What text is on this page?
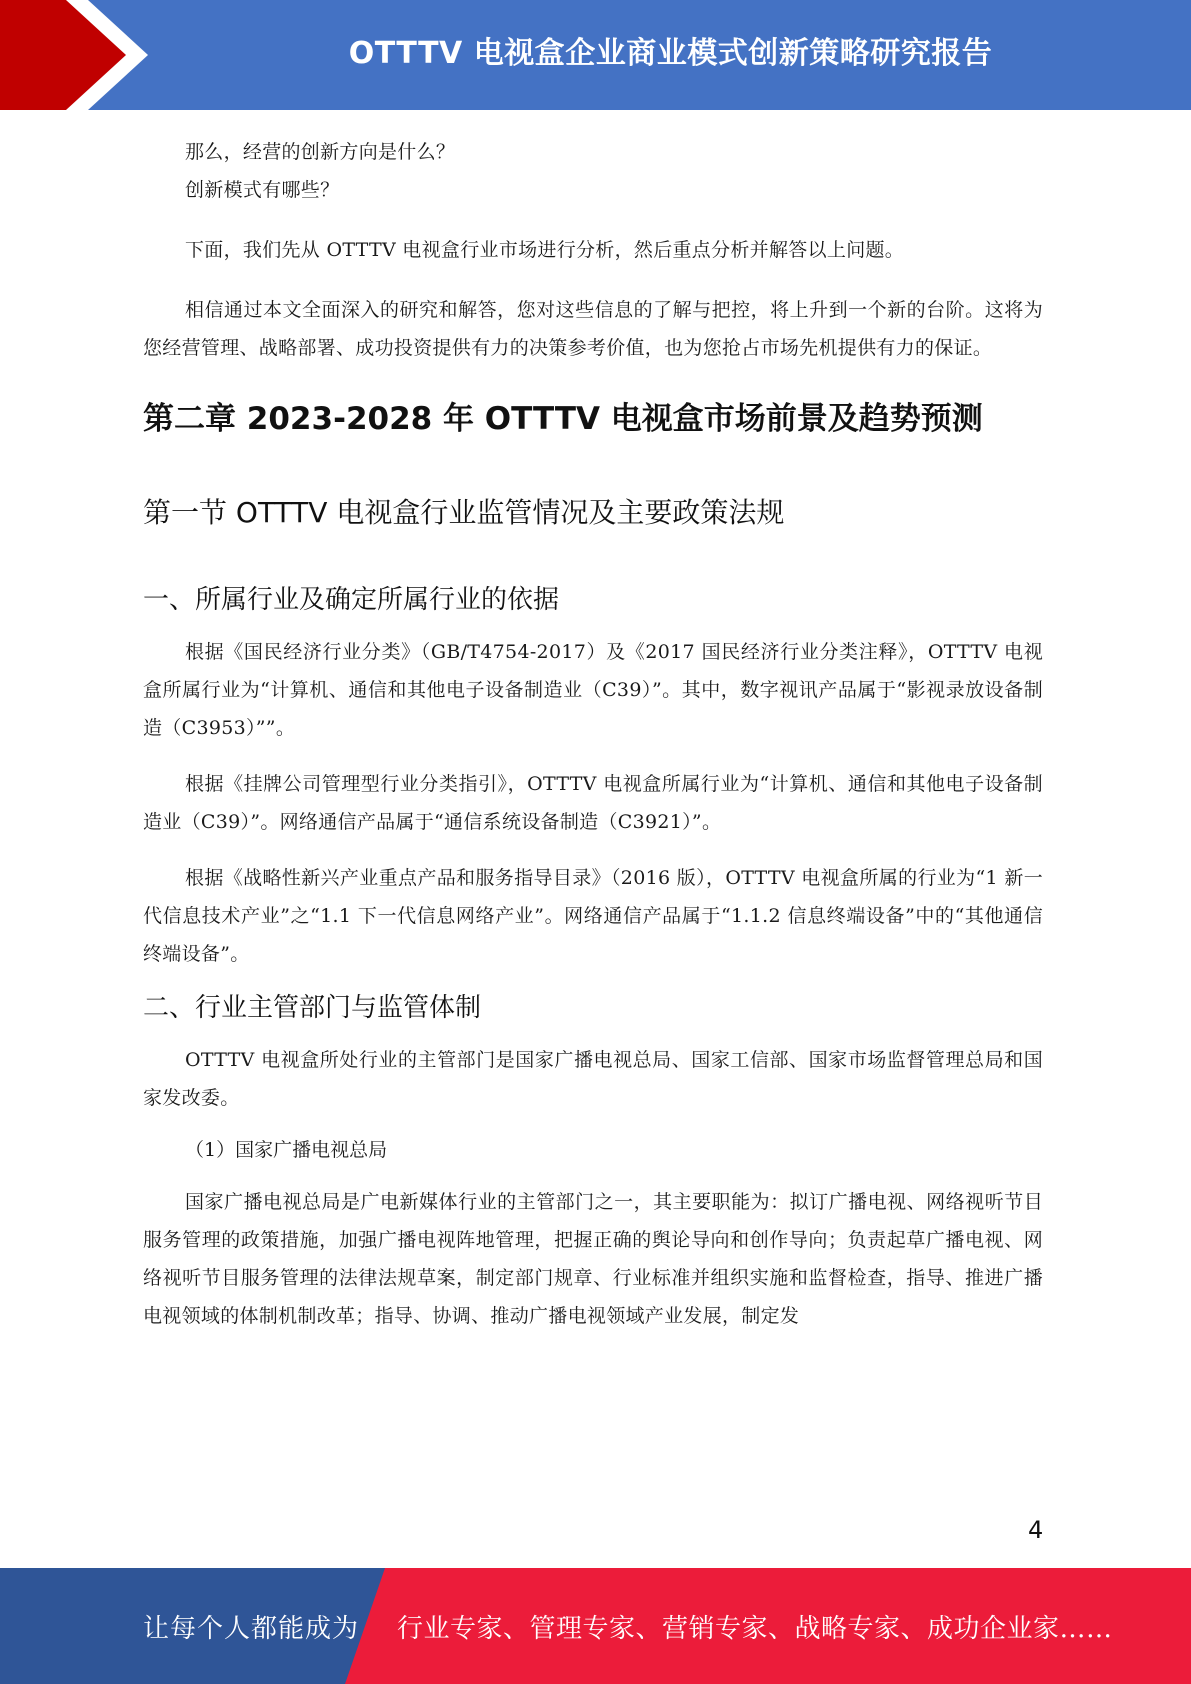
OTTTV 电视盒企业商业模式创新策略研究报告

那么，经营的创新方向是什么？

创新模式有哪些？

下面，我们先从 OTTTV 电视盒行业市场进行分析，然后重点分析并解答以上问题。

相信通过本文全面深入的研究和解答，您对这些信息的了解与把控，将上升到一个新的台阶。这将为您经营管理、战略部署、成功投资提供有力的决策参考价值，也为您抢占市场先机提供有力的保证。

第二章 2023-2028 年 OTTTV 电视盒市场前景及趋势预测
第一节 OTTTV 电视盒行业监管情况及主要政策法规
一、所属行业及确定所属行业的依据

根据《国民经济行业分类》（GB/T4754-2017）及《2017 国民经济行业分类注释》，OTTTV 电视盒所属行业为“计算机、通信和其他电子设备制造业（C39）”。其中，数字视讯产品属于“影视录放设备制造（C3953）””。

根据《挂牌公司管理型行业分类指引》，OTTTV 电视盒所属行业为“计算机、通信和其他电子设备制造业（C39）”。网络通信产品属于“通信系统设备制造（C3921）”。

根据《战略性新兴产业重点产品和服务指导目录》（2016 版），OTTTV 电视盒所属的行业为“1 新一代信息技术产业”之“1.1 下一代信息网络产业”。网络通信产品属于“1.1.2 信息终端设备”中的“其他通信终端设备”。

二、行业主管部门与监管体制

OTTTV 电视盒所处行业的主管部门是国家广播电视总局、国家工信部、国家市场监督管理总局和国家发改委。

（1）国家广播电视总局

国家广播电视总局是广电新媒体行业的主管部门之一，其主要职能为：拟订广播电视、网络视听节目服务管理的政策措施，加强广播电视阵地管理，把握正确的舆论导向和创作导向；负责起草广播电视、网络视听节目服务管理的法律法规草案，制定部门规章、行业标准并组织实施和监督检查，指导、推进广播电视领域的体制机制改革；指导、协调、推动广播电视领域产业发展，制定发

4
让每个人都能成为 行业专家、管理专家、营销专家、战略专家、成功企业家……
